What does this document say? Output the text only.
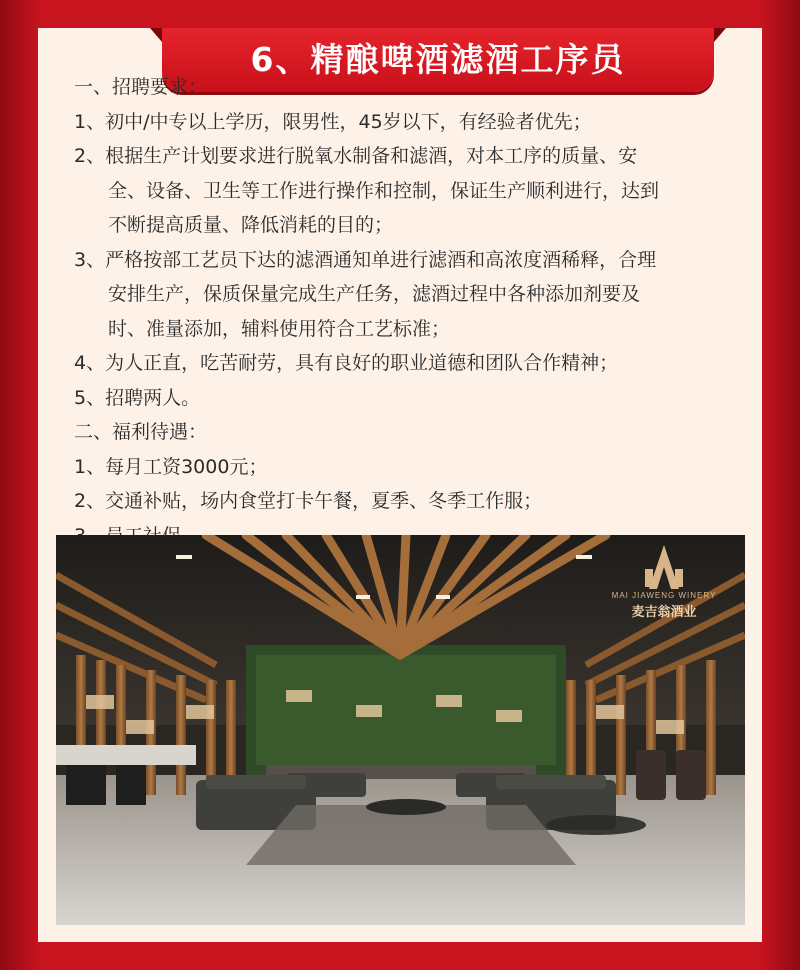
6、精酿啤酒滤酒工序员
一、招聘要求：
1、初中/中专以上学历，限男性，45岁以下，有经验者优先；
2、根据生产计划要求进行脱氧水制备和滤酒，对本工序的质量、安
全、设备、卫生等工作进行操作和控制，保证生产顺利进行，达到
不断提高质量、降低消耗的目的；
3、严格按部工艺员下达的滤酒通知单进行滤酒和高浓度酒稀释，合理
安排生产，保质保量完成生产任务，滤酒过程中各种添加剂要及
时、准量添加，辅料使用符合工艺标准；
4、为人正直，吃苦耐劳，具有良好的职业道德和团队合作精神；
5、招聘两人。
二、福利待遇：
1、每月工资3000元；
2、交通补贴，场内食堂打卡午餐，夏季、冬季工作服；
MAI JIAWENG WINERY
麦吉翁酒业
